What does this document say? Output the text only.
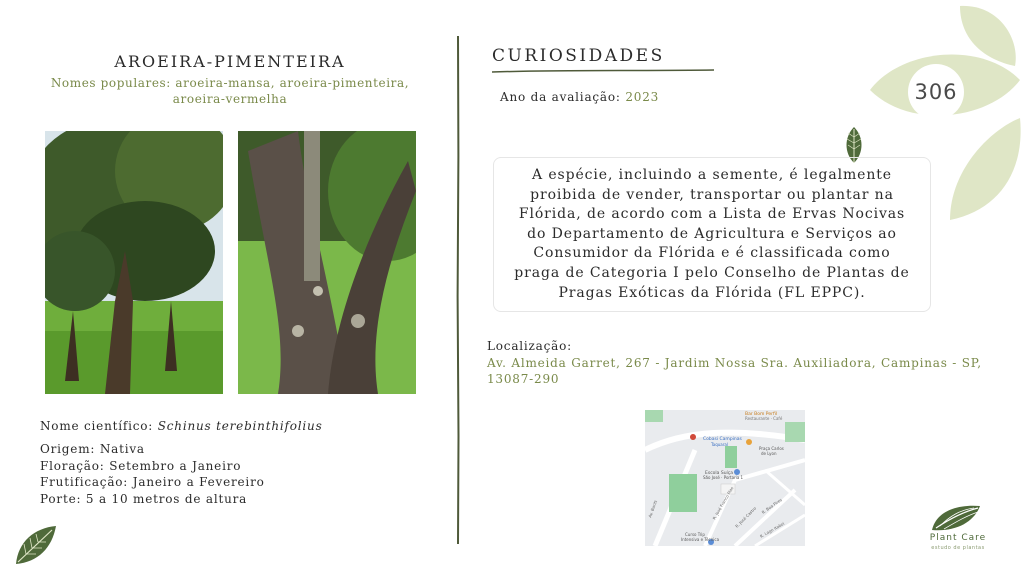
306
AROEIRA-PIMENTEIRA
Nomes populares: aroeira-mansa, aroeira-pimenteira,
aroeira-vermelha
Nome científico: Schinus terebinthifolius
Origem: Nativa
Floração: Setembro a Janeiro
Frutificação: Janeiro a Fevereiro
Porte: 5 a 10 metros de altura
CURIOSIDADES
Ano da avaliação: 2023
A espécie, incluindo a semente, é legalmente
proibida de vender, transportar ou plantar na
Flórida, de acordo com a Lista de Ervas Nocivas
do Departamento de Agricultura e Serviços ao
Consumidor da Flórida e é classificada como
praga de Categoria I pelo Conselho de Plantas de
Pragas Exóticas da Flórida (FL EPPC).
Localização:
Av. Almeida Garret, 267 - Jardim Nossa Sra. Auxiliadora, Campinas - SP,
13087-290
Bar Bom Perfil
Restaurante · Café
Cobasi Campinas
Taquaral
Praça Carlos
de Lyon
Escola Suíça
São José · Portaria 1
Curso Trip
Intensiva e Técnica
R. Boa Pires
R. José Castro
Av. Baritt	R. José Franco Pias
R. Lago Itaboi	Plant Care
estudo de plantas
